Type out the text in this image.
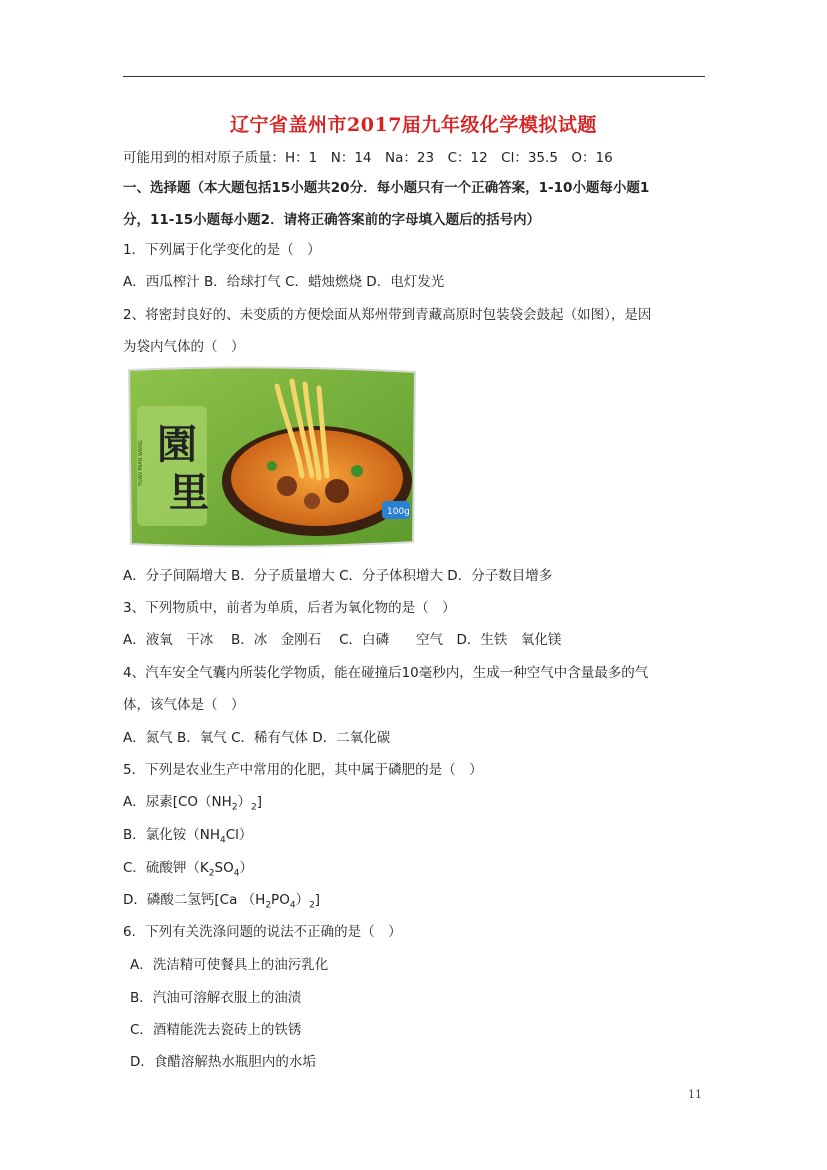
辽宁省盖州市2017届九年级化学模拟试题
可能用到的相对原子质量：H：1　N：14　Na：23　C：12　Cl：35.5　O：16
一、选择题（本大题包括15小题共20分．每小题只有一个正确答案，1-10小题每小题1
分，11-15小题每小题2．请将正确答案前的字母填入题后的括号内）
1．下列属于化学变化的是（　）
A．西瓜榨汁 B．给球打气 C．蜡烛燃烧 D．电灯发光
2、将密封良好的、未变质的方便烩面从郑州带到青藏高原时包装袋会鼓起（如图），是因
为袋内气体的（　）
園
里
YUAN MIAN WANG
100g
A．分子间隔增大 B．分子质量增大 C．分子体积增大 D．分子数目增多
3、下列物质中，前者为单质，后者为氧化物的是（　）
A．液氧　干冰　 B．冰　金刚石　 C．白磷　　空气　D．生铁　氧化镁
4、汽车安全气囊内所装化学物质，能在碰撞后10毫秒内，生成一种空气中含量最多的气
体，该气体是（　）
A．氮气 B．氧气 C．稀有气体 D．二氧化碳
5．下列是农业生产中常用的化肥，其中属于磷肥的是（　）
A．尿素$[CO(NH_2)_2]$
B．氯化铵$(NH_4Cl)$
C．硫酸钾$(K_2SO_4)$
D．磷酸二氢钙[Ca $(H_2PO_4)_2$]
6．下列有关洗涤问题的说法不正确的是（　）
A．洗洁精可使餐具上的油污乳化
B．汽油可溶解衣服上的油渍
C．酒精能洗去瓷砖上的铁锈
D．食醋溶解热水瓶胆内的水垢
11
